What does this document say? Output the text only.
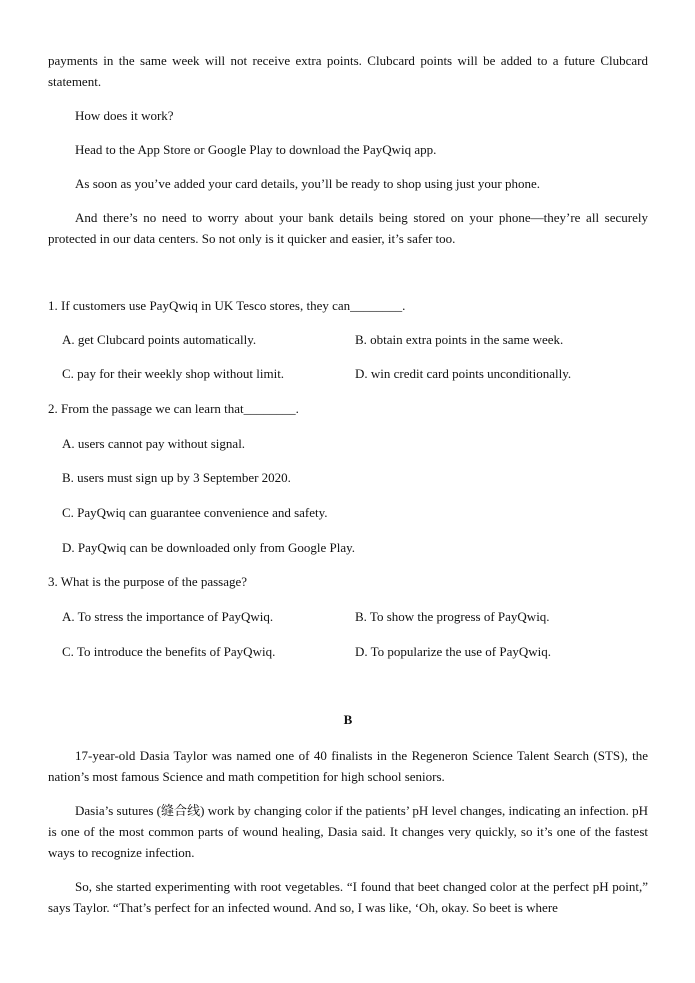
payments in the same week will not receive extra points. Clubcard points will be added to a future Clubcard statement.

How does it work?

Head to the App Store or Google Play to download the PayQwiq app.

As soon as you’ve added your card details, you’ll be ready to shop using just your phone.

And there’s no need to worry about your bank details being stored on your phone—they’re all securely protected in our data centers. So not only is it quicker and easier, it’s safer too.

1. If customers use PayQwiq in UK Tesco stores, they can________.

A. get Clubcard points automatically.	B. obtain extra points in the same week.
C. pay for their weekly shop without limit.	D. win credit card points unconditionally.

2. From the passage we can learn that________.

A. users cannot pay without signal.

B. users must sign up by 3 September 2020.

C. PayQwiq can guarantee convenience and safety.

D. PayQwiq can be downloaded only from Google Play.

3. What is the purpose of the passage?

A. To stress the importance of PayQwiq.	B. To show the progress of PayQwiq.
C. To introduce the benefits of PayQwiq.	D. To popularize the use of PayQwiq.

B

17-year-old Dasia Taylor was named one of 40 finalists in the Regeneron Science Talent Search (STS), the nation’s most famous Science and math competition for high school seniors.

Dasia’s sutures (缝合线) work by changing color if the patients’ pH level changes, indicating an infection. pH is one of the most common parts of wound healing, Dasia said. It changes very quickly, so it’s one of the fastest ways to recognize infection.

So, she started experimenting with root vegetables. “I found that beet changed color at the perfect pH point,” says Taylor. “That’s perfect for an infected wound. And so, I was like, ‘Oh, okay. So beet is where
